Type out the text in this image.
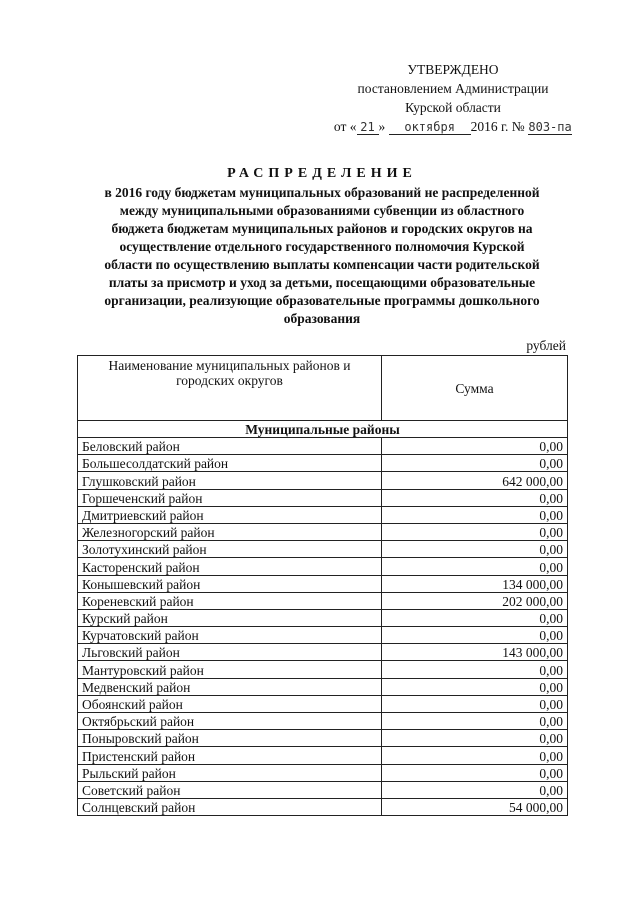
УТВЕРЖДЕНО
постановлением Администрации
Курской области
от « 21 » октября 2016 г. № 803-па
РАСПРЕДЕЛЕНИЕ
в 2016 году бюджетам муниципальных образований не распределенной
между муниципальными образованиями субвенции из областного
бюджета бюджетам муниципальных районов и городских округов на
осуществление отдельного государственного полномочия Курской
области по осуществлению выплаты компенсации части родительской
платы за присмотр и уход за детьми, посещающими образовательные
организации, реализующие образовательные программы дошкольного
образования
рублей
Наименование муниципальных районов и
городских округов	Сумма
Муниципальные районы	
Беловский район	0,00
Большесолдатский район	0,00
Глушковский район	642 000,00
Горшеченский район	0,00
Дмитриевский район	0,00
Железногорский район	0,00
Золотухинский район	0,00
Касторенский район	0,00
Конышевский район	134 000,00
Кореневский район	202 000,00
Курский район	0,00
Курчатовский район	0,00
Льговский район	143 000,00
Мантуровский район	0,00
Медвенский район	0,00
Обоянский район	0,00
Октябрьский район	0,00
Поныровский район	0,00
Пристенский район	0,00
Рыльский район	0,00
Советский район	0,00
Солнцевский район	54 000,00
